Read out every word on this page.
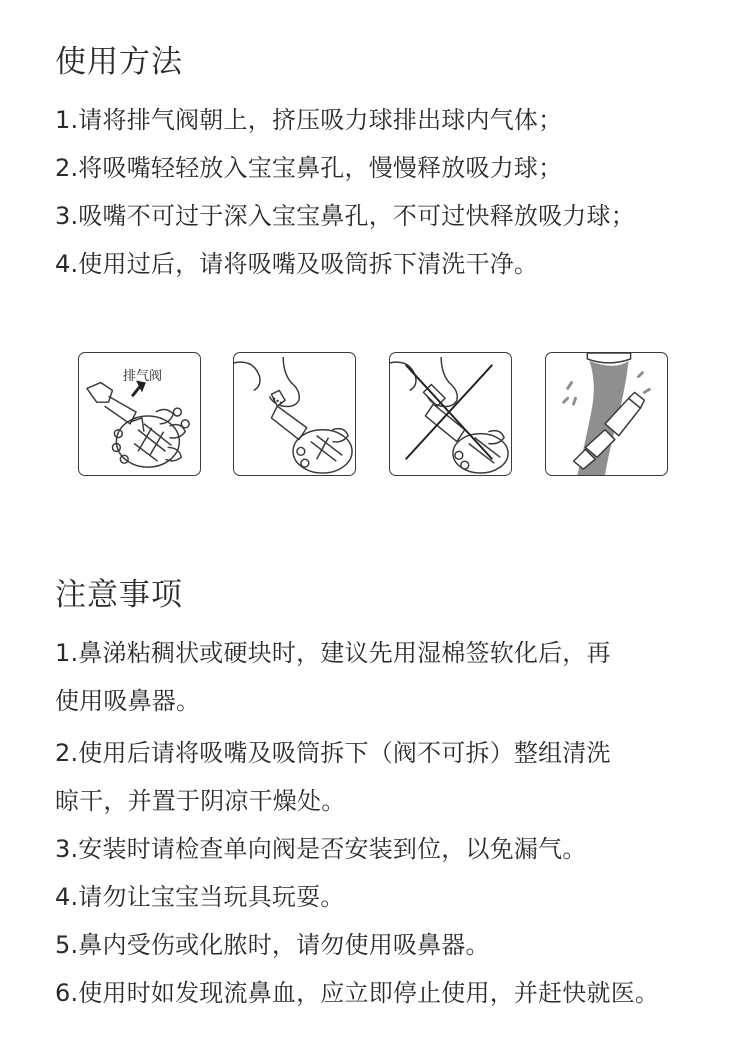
使用方法
1.请将排气阀朝上，挤压吸力球排出球内气体；
2.将吸嘴轻轻放入宝宝鼻孔，慢慢释放吸力球；
3.吸嘴不可过于深入宝宝鼻孔，不可过快释放吸力球；
4.使用过后，请将吸嘴及吸筒拆下清洗干净。
排气阀
注意事项
1.鼻涕粘稠状或硬块时，建议先用湿棉签软化后，再
使用吸鼻器。
2.使用后请将吸嘴及吸筒拆下（阀不可拆）整组清洗
晾干，并置于阴凉干燥处。
3.安装时请检查单向阀是否安装到位，以免漏气。
4.请勿让宝宝当玩具玩耍。
5.鼻内受伤或化脓时，请勿使用吸鼻器。
6.使用时如发现流鼻血，应立即停止使用，并赶快就医。
